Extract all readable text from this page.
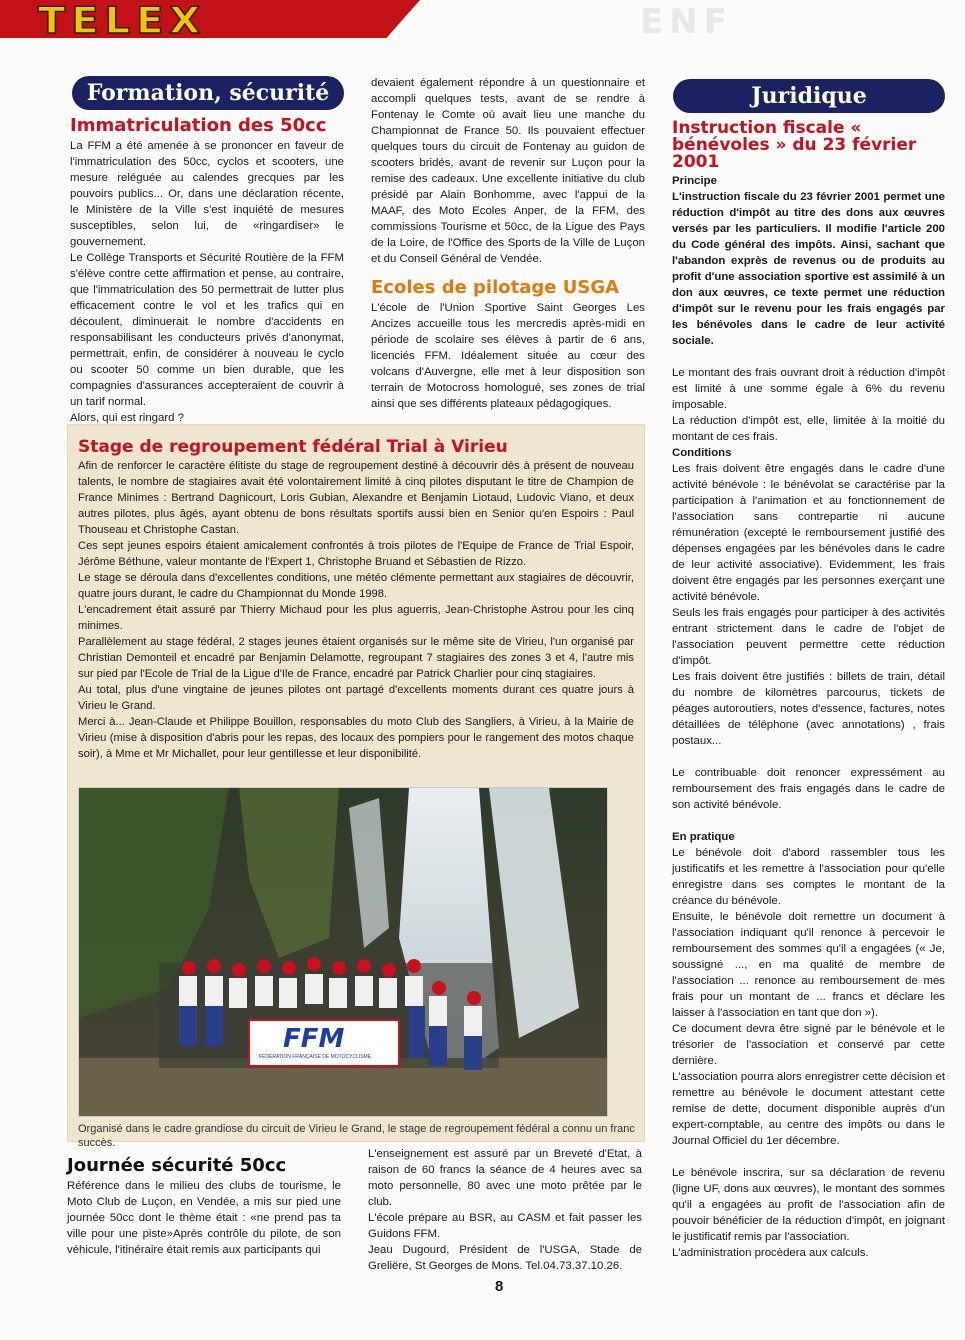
TELEX	ENF
Formation, sécurité
Immatriculation des 50cc

La FFM a été amenée à se prononcer en faveur de l'immatriculation des 50cc, cyclos et scooters, une mesure reléguée au calendes grecques par les pouvoirs publics... Or, dans une déclaration récente, le Ministère de la Ville s'est inquiété de mesures susceptibles, selon lui, de «ringardiser» le gouvernement.

Le Collège Transports et Sécurité Routière de la FFM s'élève contre cette affirmation et pense, au contraire, que l'immatriculation des 50 permettrait de lutter plus efficacement contre le vol et les trafics qui en découlent, diminuerait le nombre d'accidents en responsabilisant les conducteurs privés d'anonymat, permettrait, enfin, de considérer à nouveau le cyclo ou scooter 50 comme un bien durable, que les compagnies d'assurances accepteraient de couvrir à un tarif normal.

Alors, qui est ringard ?

devaient également répondre à un questionnaire et accompli quelques tests, avant de se rendre à Fontenay le Comte où avait lieu une manche du Championnat de France 50. Ils pouvaient effectuer quelques tours du circuit de Fontenay au guidon de scooters bridés, avant de revenir sur Luçon pour la remise des cadeaux. Une excellente initiative du club présidé par Alain Bonhomme, avec l'appui de la MAAF, des Moto Ecoles Anper, de la FFM, des commissions Tourisme et 50cc, de la Ligue des Pays de la Loire, de l'Office des Sports de la Ville de Luçon et du Conseil Général de Vendée.
Ecoles de pilotage USGA

L'école de l'Union Sportive Saint Georges Les Ancizes accueille tous les mercredis après-midi en période de scolaire ses élèves à partir de 6 ans, licenciés FFM. Idéalement située au cœur des volcans d'Auvergne, elle met à leur disposition son terrain de Motocross homologué, ses zones de trial ainsi que ses différents plateaux pédagogiques.

Stage de regroupement fédéral Trial à Virieu

Afin de renforcer le caractère élitiste du stage de regroupement destiné à découvrir dès à présent de nouveau talents, le nombre de stagiaires avait été volontairement limité à cinq pilotes disputant le titre de Champion de France Minimes : Bertrand Dagnicourt, Loris Gubian, Alexandre et Benjamin Liotaud, Ludovic Viano, et deux autres pilotes, plus âgés, ayant obtenu de bons résultats sportifs aussi bien en Senior qu'en Espoirs : Paul Thouseau et Christophe Castan.

Ces sept jeunes espoirs étaient amicalement confrontés à trois pilotes de l'Equipe de France de Trial Espoir, Jérôme Béthune, valeur montante de l'Expert 1, Christophe Bruand et Sébastien de Rizzo.

Le stage se déroula dans d'excellentes conditions, une météo clémente permettant aux stagiaires de découvrir, quatre jours durant, le cadre du Championnat du Monde 1998.

L'encadrement était assuré par Thierry Michaud pour les plus aguerris, Jean-Christophe Astrou pour les cinq minimes.

Parallèlement au stage fédéral, 2 stages jeunes étaient organisés sur le même site de Virieu, l'un organisé par Christian Demonteil et encadré par Benjamin Delamotte, regroupant 7 stagiaires des zones 3 et 4, l'autre mis sur pied par l'Ecole de Trial de la Ligue d'Ile de France, encadré par Patrick Charlier pour cinq stagiaires.

Au total, plus d'une vingtaine de jeunes pilotes ont partagé d'excellents moments durant ces quatre jours à Virieu le Grand.

Merci à... Jean-Claude et Philippe Bouillon, responsables du moto Club des Sangliers, à Virieu, à la Mairie de Virieu (mise à disposition d'abris pour les repas, des locaux des pompiers pour le rangement des motos chaque soir), à Mme et Mr Michallet, pour leur gentillesse et leur disponibilité.

FFM
FÉDÉRATION FRANÇAISE DE MOTOCYCLISME
Organisé dans le cadre grandiose du circuit de Virieu le Grand, le stage de regroupement fédéral a connu un franc succès.
Journée sécurité 50cc

Référence dans le milieu des clubs de tourisme, le Moto Club de Luçon, en Vendée, a mis sur pied une journée 50cc dont le thème était : «ne prend pas ta ville pour une piste»Après contrôle du pilote, de son véhicule, l'itinéraire était remis aux participants qui

L'enseignement est assuré par un Breveté d'Etat, à raison de 60 francs la séance de 4 heures avec sa moto personnelle, 80 avec une moto prêtée par le club.

L'école prépare au BSR, au CASM et fait passer les Guidons FFM.

Jeau Dugourd, Président de l'USGA, Stade de Greliëre, St Georges de Mons. Tel.04.73.37.10.26.

Juridique
Instruction fiscale « bénévoles » du 23 février 2001

Principe

L'instruction fiscale du 23 février 2001 permet une réduction d'impôt au titre des dons aux œuvres versés par les particuliers. Il modifie l'article 200 du Code général des impôts. Ainsi, sachant que l'abandon exprès de revenus ou de produits au profit d'une association sportive est assimilé à un don aux œuvres, ce texte permet une réduction d'impôt sur le revenu pour les frais engagés par les bénévoles dans le cadre de leur activité sociale.

Le montant des frais ouvrant droit à réduction d'impôt est limité à une somme égale à 6% du revenu imposable.

La réduction d'impôt est, elle, limitée à la moitié du montant de ces frais.

Conditions

Les frais doivent être engagés dans le cadre d'une activité bénévole : le bénévolat se caractérise par la participation à l'animation et au fonctionnement de l'association sans contrepartie ni aucune rémunération (excepté le remboursement justifié des dépenses engagées par les bénévoles dans le cadre de leur activité associative). Evidemment, les frais doivent être engagés par les personnes exerçant une activité bénévole.

Seuls les frais engagés pour participer à des activités entrant strictement dans le cadre de l'objet de l'association peuvent permettre cette réduction d'impôt.

Les frais doivent être justifiés : billets de train, détail du nombre de kilomètres parcourus, tickets de péages autoroutiers, notes d'essence, factures, notes détaillées de téléphone (avec annotations) , frais postaux...

Le contribuable doit renoncer expressément au remboursement des frais engagés dans le cadre de son activité bénévole.

En pratique

Le bénévole doit d'abord rassembler tous les justificatifs et les remettre à l'association pour qu'elle enregistre dans ses comptes le montant de la créance du bénévole.

Ensuite, le bénévole doit remettre un document à l'association indiquant qu'il renonce à percevoir le remboursement des sommes qu'il a engagées (« Je, soussigné ..., en ma qualité de membre de l'association ... renonce au remboursement de mes frais pour un montant de ... francs et déclare les laisser à l'association en tant que don »).

Ce document devra être signé par le bénévole et le trésorier de l'association et conservé par cette dernière.

L'association pourra alors enregistrer cette décision et remettre au bénévole le document attestant cette remise de dette, document disponible auprès d'un expert-comptable, au centre des impôts ou dans le Journal Officiel du 1er décembre.

Le bénévole inscrira, sur sa déclaration de revenu (ligne UF, dons aux œuvres), le montant des sommes qu'il a engagées au profit de l'association afin de pouvoir bénéficier de la réduction d'impôt, en joignant le justificatif remis par l'association.

L'administration procèdera aux calculs.

8
